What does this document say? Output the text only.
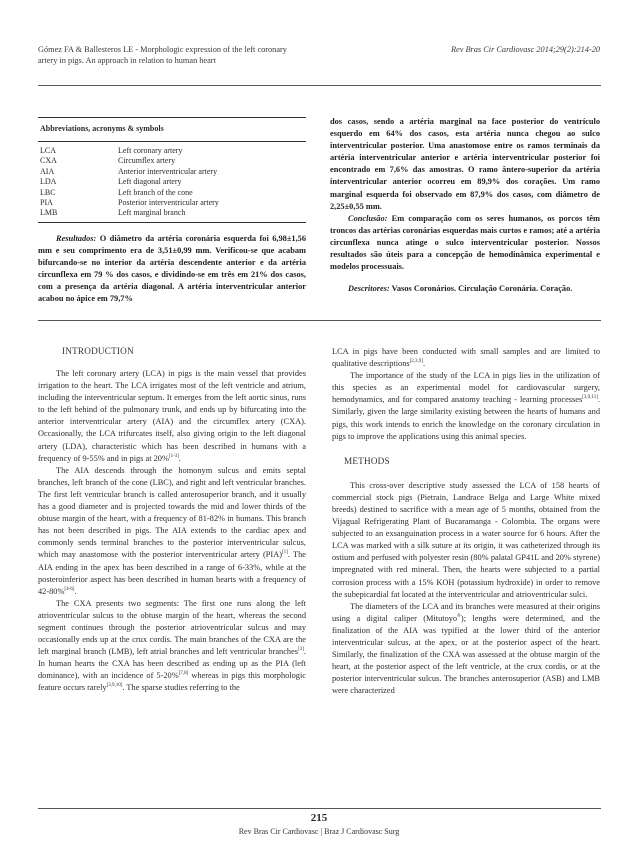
Gómez FA & Ballesteros LE - Morphologic expression of the left coronary
artery in pigs. An approach in relation to human heart
Rev Bras Cir Cardiovasc 2014;29(2):214-20
Abbreviations, acronyms & symbols
LCA	Left coronary artery
CXA	Circumflex artery
AIA	Anterior interventricular artery
LDA	Left diagonal artery
LBC	Left branch of the cone
PIA	Posterior interventricular artery
LMB	Left marginal branch
Resultados: O diâmetro da artéria coronária esquerda foi 6,98±1,56 mm e seu comprimento era de 3,51±0,99 mm. Verificou-se que acabam bifurcando-se no interior da artéria descendente anterior e da artéria circunflexa em 79 % dos casos, e dividindo-se em três em 21% dos casos, com a presença da artéria diagonal. A artéria interventricular anterior acabou no ápice em 79,7%
dos casos, sendo a artéria marginal na face posterior do ventrículo esquerdo em 64% dos casos, esta artéria nunca chegou ao sulco interventricular posterior. Uma anastomose entre os ramos terminais da artéria interventricular anterior e artéria interventricular posterior foi encontrado em 7,6% das amostras. O ramo ântero-superior da artéria interventricular anterior ocorreu em 89,9% dos corações. Um ramo marginal esquerda foi observado em 87,9% dos casos, com diâmetro de 2,25±0,55 mm.
Conclusão: Em comparação com os seres humanos, os porcos têm troncos das artérias coronárias esquerdas mais curtos e ramos; até a artéria circunflexa nunca atinge o sulco interventricular posterior. Nossos resultados são úteis para a concepção de hemodinâmica experimental e modelos processuais.
Descritores: Vasos Coronários. Circulação Coronária. Coração.
INTRODUCTION
The left coronary artery (LCA) in pigs is the main vessel that provides irrigation to the heart. The LCA irrigates most of the left ventricle and atrium, including the interventricular septum. It emerges from the left aortic sinus, runs to the left behind of the pulmonary trunk, and ends up by bifurcating into the anterior interventricular artery (AIA) and the circumflex artery (CXA). Occasionally, the LCA trifurcates itself, also giving origin to the left diagonal artery (LDA), characteristic which has been described in humans with a frequency of 9-55% and in pigs at 20%[1-3].
The AIA descends through the homonym sulcus and emits septal branches, left branch of the cone (LBC), and right and left ventricular branches. The first left ventricular branch is called anterosuperior branch, and it usually has a good diameter and is projected towards the mid and lower thirds of the obtuse margin of the heart, with a frequency of 81-82% in humans. This branch has not been described in pigs. The AIA extends to the cardiac apex and commonly sends terminal branches to the posterior interventricular sulcus, which may anastomose with the posterior interventricular artery (PIA)[1]. The AIA ending in the apex has been described in a range of 6-33%, while at the posteroinferior aspect has been described in human hearts with a frequency of 42-80%[4-6].
The CXA presents two segments: The first one runs along the left atrioventricular sulcus to the obtuse margin of the heart, whereas the second segment continues through the posterior atrioventricular sulcus and may occasionally ends up at the crux cordis. The main branches of the CXA are the left marginal branch (LMB), left atrial branches and left ventricular branches[3]. In human hearts the CXA has been described as ending up as the PIA (left dominance), with an incidence of 5-20%[7,8] whereas in pigs this morphologic feature occurs rarely[3,9,10]. The sparse studies referring to the
LCA in pigs have been conducted with small samples and are limited to qualitative descriptions[2,3,9].
The importance of the study of the LCA in pigs lies in the utilization of this species as an experimental model for cardiovascular surgery, hemodynamics, and for compared anatomy teaching - learning processes[3,9,11]. Similarly, given the large similarity existing between the hearts of humans and pigs, this work intends to enrich the knowledge on the coronary circulation in pigs to improve the applications using this animal species.
METHODS
This cross-over descriptive study assessed the LCA of 158 hearts of commercial stock pigs (Pietrain, Landrace Belga and Large White mixed breeds) destined to sacrifice with a mean age of 5 months, obtained from the Vijagual Refrigerating Plant of Bucaramanga - Colombia. The organs were subjected to an exsanguination process in a water source for 6 hours. After the LCA was marked with a silk suture at its origin, it was catheterized through its ostium and perfused with polyester resin (80% palatal GP41L and 20% styrene) impregnated with red mineral. Then, the hearts were subjected to a partial corrosion process with a 15% KOH (potassium hydroxide) in order to remove the subepicardial fat located at the interventricular and atrioventricular sulci.
The diameters of the LCA and its branches were measured at their origins using a digital caliper (Mitutoyo®); lengths were determined, and the finalization of the AIA was typified at the lower third of the anterior interventricular sulcus, at the apex, or at the posterior aspect of the heart. Similarly, the finalization of the CXA was assessed at the obtuse margin of the heart, at the posterior aspect of the left ventricle, at the crux cordis, or at the posterior interventricular sulcus. The branches anterosuperior (ASB) and LMB were characterized
215
Rev Bras Cir Cardiovasc | Braz J Cardiovasc Surg
